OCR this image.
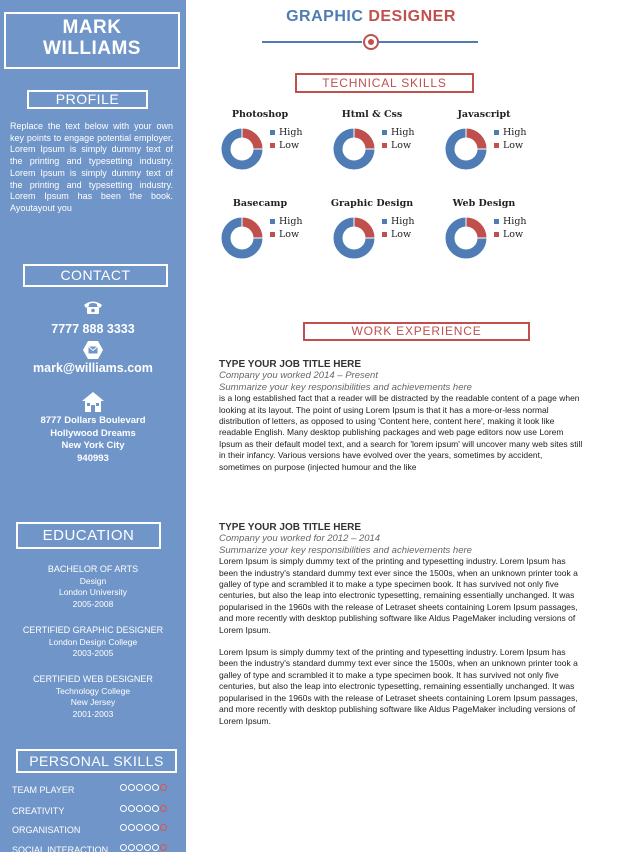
MARK
WILLIAMS
PROFILE
Replace the text below with your own key points to engage potential employer. Lorem Ipsum is simply dummy text of the printing and typesetting industry. Lorem Ipsum is simply dummy text of the printing and typesetting industry. Lorem Ipsum has been the book. Ayoutayout you
CONTACT
7777 888 3333
mark@williams.com
8777 Dollars Boulevard
Hollywood Dreams
New York City
940993
EDUCATION
BACHELOR OF ARTS
Design
London University
2005-2008
CERTIFIED GRAPHIC DESIGNER
London Design College
2003-2005
CERTIFIED WEB DESIGNER
Technology College
New Jersey
2001-2003
PERSONAL SKILLS
TEAM PLAYER
CREATIVITY
ORGANISATION
SOCIAL INTERACTION
GRAPHIC DESIGNER
TECHNICAL SKILLS
Photoshop
High
Low
Html & Css
High
Low
Javascript
High
Low
Basecamp
High
Low
Graphic Design
High
Low
Web Design
High
Low
WORK EXPERIENCE
TYPE YOUR JOB TITLE HERE
Company you worked 2014 – Present
Summarize your key responsibilities and achievements here

is a long established fact that a reader will be distracted by the readable content of a page when looking at its layout. The point of using Lorem Ipsum is that it has a more-or-less normal distribution of letters, as opposed to using 'Content here, content here', making it look like readable English. Many desktop publishing packages and web page editors now use Lorem Ipsum as their default model text, and a search for 'lorem ipsum' will uncover many web sites still in their infancy. Various versions have evolved over the years, sometimes by accident, sometimes on purpose (injected humour and the like

TYPE YOUR JOB TITLE HERE
Company you worked for 2012 – 2014
Summarize your key responsibilities and achievements here

Lorem Ipsum is simply dummy text of the printing and typesetting industry. Lorem Ipsum has been the industry's standard dummy text ever since the 1500s, when an unknown printer took a galley of type and scrambled it to make a type specimen book. It has survived not only five centuries, but also the leap into electronic typesetting, remaining essentially unchanged. It was popularised in the 1960s with the release of Letraset sheets containing Lorem Ipsum passages, and more recently with desktop publishing software like Aldus PageMaker including versions of Lorem Ipsum.

Lorem Ipsum is simply dummy text of the printing and typesetting industry. Lorem Ipsum has been the industry's standard dummy text ever since the 1500s, when an unknown printer took a galley of type and scrambled it to make a type specimen book. It has survived not only five centuries, but also the leap into electronic typesetting, remaining essentially unchanged. It was popularised in the 1960s with the release of Letraset sheets containing Lorem Ipsum passages, and more recently with desktop publishing software like Aldus PageMaker including versions of Lorem Ipsum.
